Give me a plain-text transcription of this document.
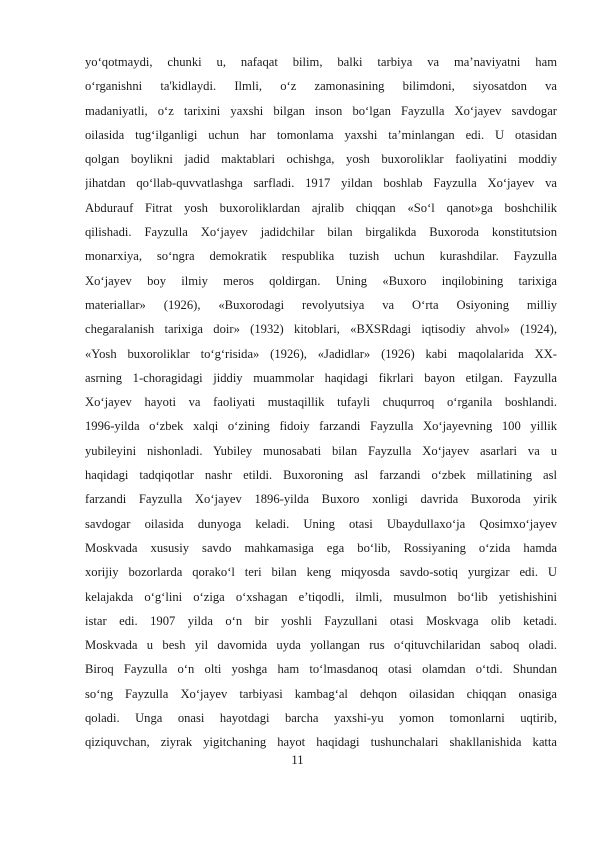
yo‘qotmaydi, chunki u, nafaqat bilim, balki tarbiya va ma’naviyatni ham
o‘rganishni ta'kidlaydi. Ilmli, o‘z zamonasining bilimdoni, siyosatdon va
madaniyatli, o‘z tarixini yaxshi bilgan inson bo‘lgan Fayzulla Xo‘jayev savdogar
oilasida tug‘ilganligi uchun har tomonlama yaxshi ta’minlangan edi. U otasidan
qolgan boylikni jadid maktablari ochishga, yosh buxoroliklar faoliyatini moddiy
jihatdan qo‘llab-quvvatlashga sarfladi. 1917 yildan boshlab Fayzulla Xo‘jayev va
Abdurauf Fitrat yosh buxoroliklardan ajralib chiqqan «So‘l qanot»ga boshchilik
qilishadi. Fayzulla Xo‘jayev jadidchilar bilan birgalikda Buxoroda konstitutsion
monarxiya, so‘ngra demokratik respublika tuzish uchun kurashdilar. Fayzulla
Xo‘jayev boy ilmiy meros qoldirgan. Uning «Buxoro inqilobining tarixiga
materiallar» (1926), «Buxorodagi revolyutsiya va O‘rta Osiyoning milliy
chegaralanish tarixiga doir» (1932) kitoblari, «BXSRdagi iqtisodiy ahvol» (1924),
«Yosh buxoroliklar to‘g‘risida» (1926), «Jadidlar» (1926) kabi maqolalarida XX-
asrning 1-choragidagi jiddiy muammolar haqidagi fikrlari bayon etilgan. Fayzulla
Xo‘jayev hayoti va faoliyati mustaqillik tufayli chuqurroq o‘rganila boshlandi.
1996-yilda o‘zbek xalqi o‘zining fidoiy farzandi Fayzulla Xo‘jayevning 100 yillik
yubileyini nishonladi. Yubiley munosabati bilan Fayzulla Xo‘jayev asarlari va u
haqidagi tadqiqotlar nashr etildi. Buxoroning asl farzandi o‘zbek millatining asl
farzandi Fayzulla Xo‘jayev 1896-yilda Buxoro xonligi davrida Buxoroda yirik
savdogar oilasida dunyoga keladi. Uning otasi Ubaydullaxo‘ja Qosimxo‘jayev
Moskvada xususiy savdo mahkamasiga ega bo‘lib, Rossiyaning o‘zida hamda
xorijiy bozorlarda qorako‘l teri bilan keng miqyosda savdo-sotiq yurgizar edi. U
kelajakda o‘g‘lini o‘ziga o‘xshagan e’tiqodli, ilmli, musulmon bo‘lib yetishishini
istar edi. 1907 yilda o‘n bir yoshli Fayzullani otasi Moskvaga olib ketadi.
Moskvada u besh yil davomida uyda yollangan rus o‘qituvchilaridan saboq oladi.
Biroq Fayzulla o‘n olti yoshga ham to‘lmasdanoq otasi olamdan o‘tdi. Shundan
so‘ng Fayzulla Xo‘jayev tarbiyasi kambag‘al dehqon oilasidan chiqqan onasiga
qoladi. Unga onasi hayotdagi barcha yaxshi-yu yomon tomonlarni uqtirib,
qiziquvchan, ziyrak yigitchaning hayot haqidagi tushunchalari shakllanishida katta
11
